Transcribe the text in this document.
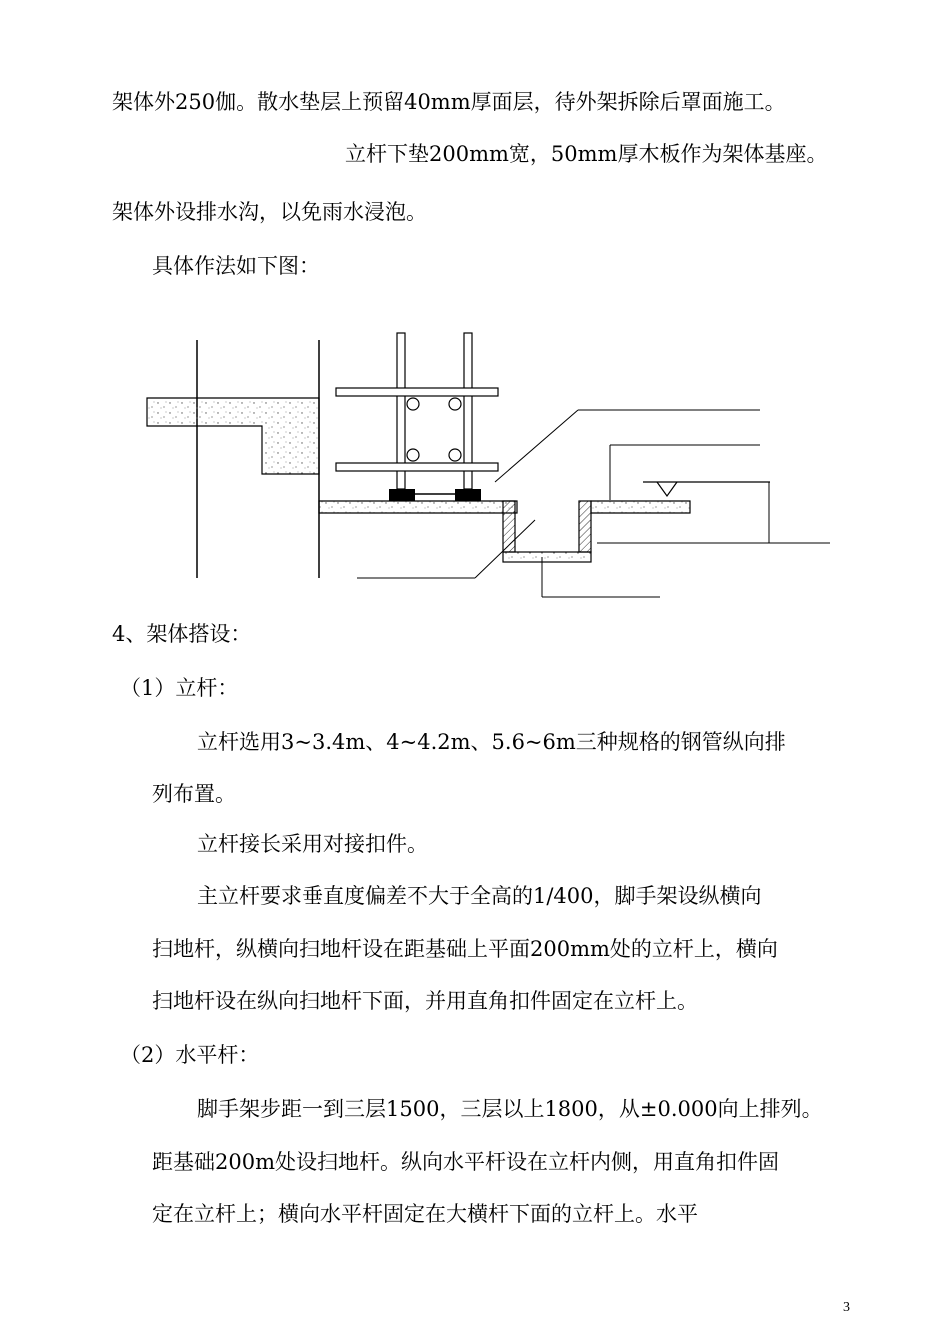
架体外250伽。散水垫层上预留40mm厚面层，待外架拆除后罩面施工。
立杆下垫200mm宽，50mm厚木板作为架体基座。
架体外设排水沟，以免雨水浸泡。
具体作法如下图：
4、架体搭设：
（1）立杆：
立杆选用3~3.4m、4~4.2m、5.6~6m三种规格的钢管纵向排
列布置。
立杆接长采用对接扣件。
主立杆要求垂直度偏差不大于全高的1/400，脚手架设纵横向
扫地杆，纵横向扫地杆设在距基础上平面200mm处的立杆上，横向
扫地杆设在纵向扫地杆下面，并用直角扣件固定在立杆上。
（2）水平杆：
脚手架步距一到三层1500，三层以上1800，从±0.000向上排列。
距基础200m处设扫地杆。纵向水平杆设在立杆内侧，用直角扣件固
定在立杆上；横向水平杆固定在大横杆下面的立杆上。水平
3
